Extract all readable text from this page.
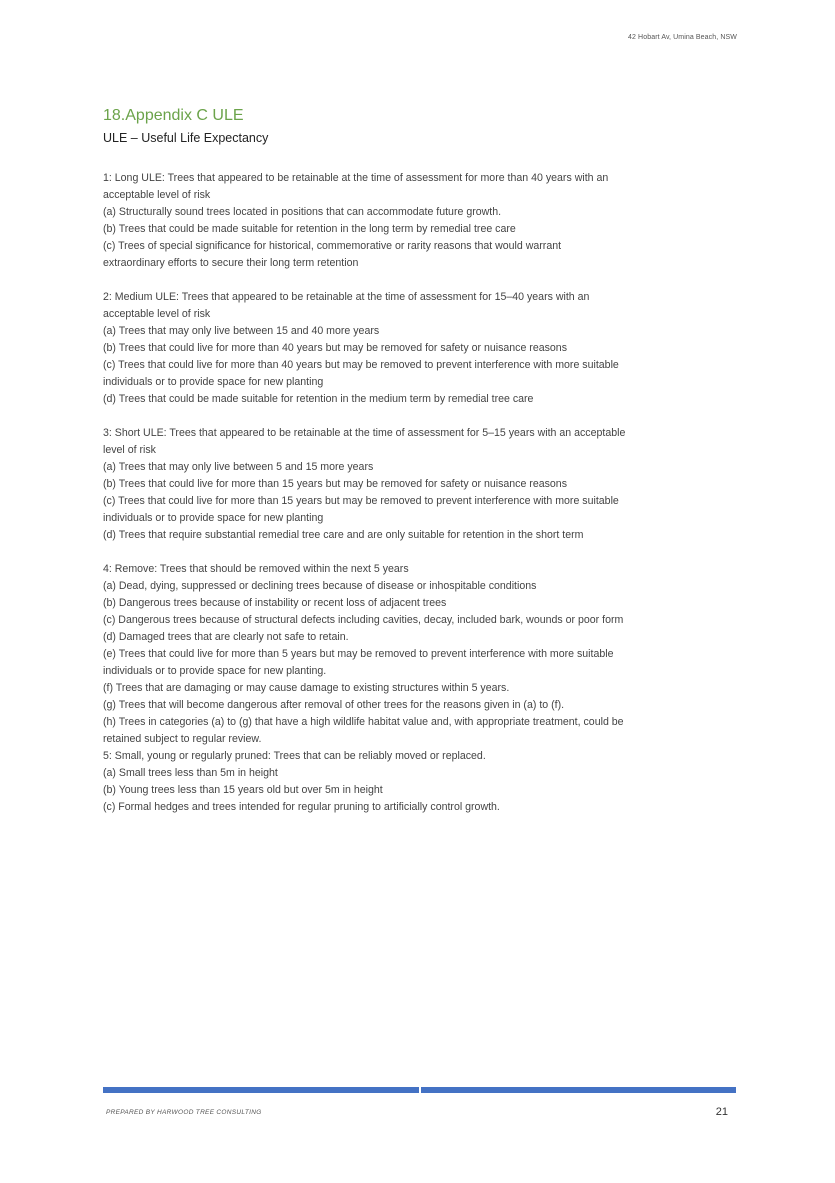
42 Hobart Av, Umina Beach, NSW
18.Appendix C ULE
ULE – Useful Life Expectancy
1: Long ULE: Trees that appeared to be retainable at the time of assessment for more than 40 years with an
acceptable level of risk
(a) Structurally sound trees located in positions that can accommodate future growth.
(b) Trees that could be made suitable for retention in the long term by remedial tree care
(c) Trees of special significance for historical, commemorative or rarity reasons that would warrant
extraordinary efforts to secure their long term retention
2: Medium ULE: Trees that appeared to be retainable at the time of assessment for 15–40 years with an
acceptable level of risk
(a) Trees that may only live between 15 and 40 more years
(b) Trees that could live for more than 40 years but may be removed for safety or nuisance reasons
(c) Trees that could live for more than 40 years but may be removed to prevent interference with more suitable
individuals or to provide space for new planting
(d) Trees that could be made suitable for retention in the medium term by remedial tree care
3: Short ULE: Trees that appeared to be retainable at the time of assessment for 5–15 years with an acceptable
level of risk
(a) Trees that may only live between 5 and 15 more years
(b) Trees that could live for more than 15 years but may be removed for safety or nuisance reasons
(c) Trees that could live for more than 15 years but may be removed to prevent interference with more suitable
individuals or to provide space for new planting
(d) Trees that require substantial remedial tree care and are only suitable for retention in the short term
4: Remove: Trees that should be removed within the next 5 years
(a) Dead, dying, suppressed or declining trees because of disease or inhospitable conditions
(b) Dangerous trees because of instability or recent loss of adjacent trees
(c) Dangerous trees because of structural defects including cavities, decay, included bark, wounds or poor form
(d) Damaged trees that are clearly not safe to retain.
(e) Trees that could live for more than 5 years but may be removed to prevent interference with more suitable
individuals or to provide space for new planting.
(f) Trees that are damaging or may cause damage to existing structures within 5 years.
(g) Trees that will become dangerous after removal of other trees for the reasons given in (a) to (f).
(h) Trees in categories (a) to (g) that have a high wildlife habitat value and, with appropriate treatment, could be
retained subject to regular review.
5: Small, young or regularly pruned: Trees that can be reliably moved or replaced.
(a) Small trees less than 5m in height
(b) Young trees less than 15 years old but over 5m in height
(c) Formal hedges and trees intended for regular pruning to artificially control growth.
PREPARED BY HARWOOD TREE CONSULTING	21
